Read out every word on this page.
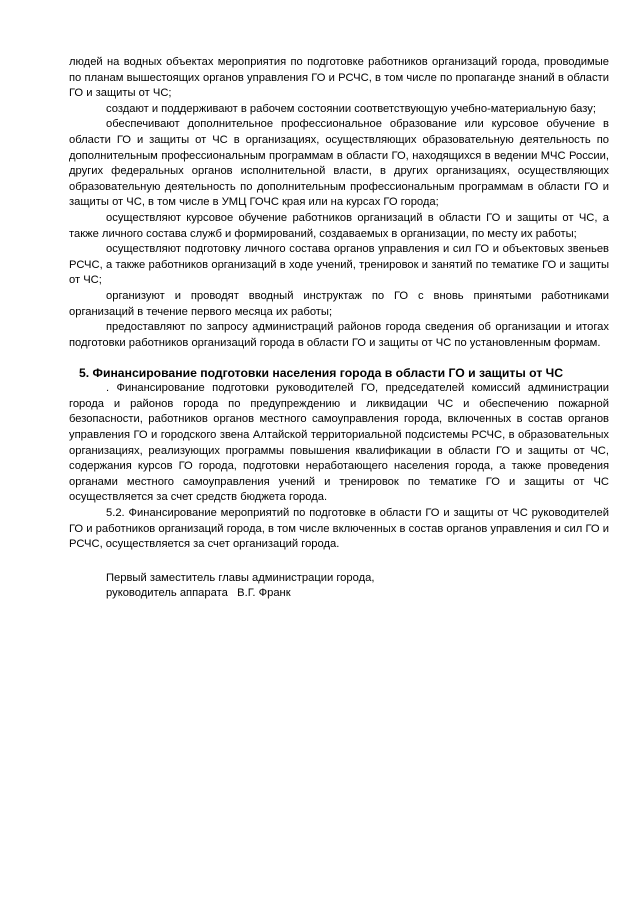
людей на водных объектах мероприятия по подготовке работников организаций города, проводимые по планам вышестоящих органов управления ГО и РСЧС, в том числе по пропаганде знаний в области ГО и защиты от ЧС;

создают и поддерживают в рабочем состоянии соответствующую учебно-материальную базу;

обеспечивают дополнительное профессиональное образование или курсовое обучение в области ГО и защиты от ЧС в организациях, осуществляющих образовательную деятельность по дополнительным профессиональным программам в области ГО, находящихся в ведении МЧС России, других федеральных органов исполнительной власти, в других организациях, осуществляющих образовательную деятельность по дополнительным профессиональным программам в области ГО и защиты от ЧС, в том числе в УМЦ ГОЧС края или на курсах ГО города;

осуществляют курсовое обучение работников организаций в области ГО и защиты от ЧС, а также личного состава служб и формирований, создаваемых в организации, по месту их работы;

осуществляют подготовку личного состава органов управления и сил ГО и объектовых звеньев РСЧС, а также работников организаций в ходе учений, тренировок и занятий по тематике ГО и защиты от ЧС;

организуют и проводят вводный инструктаж по ГО с вновь принятыми работниками организаций в течение первого месяца их работы;

предоставляют по запросу администраций районов города сведения об организации и итогах подготовки работников организаций города в области ГО и защиты от ЧС по установленным формам.

5. Финансирование подготовки населения города в области ГО и защиты от ЧС

. Финансирование подготовки руководителей ГО, председателей комиссий администрации города и районов города по предупреждению и ликвидации ЧС и обеспечению пожарной безопасности, работников органов местного самоуправления города, включенных в состав органов управления ГО и городского звена Алтайской территориальной подсистемы РСЧС, в образовательных организациях, реализующих программы повышения квалификации в области ГО и защиты от ЧС, содержания курсов ГО города, подготовки неработающего населения города, а также проведения органами местного самоуправления учений и тренировок по тематике ГО и защиты от ЧС осуществляется за счет средств бюджета города.

5.2. Финансирование мероприятий по подготовке в области ГО и защиты от ЧС руководителей ГО и работников организаций города, в том числе включенных в состав органов управления и сил ГО и РСЧС, осуществляется за счет организаций города.

Первый заместитель главы администрации города,
руководитель аппарата   В.Г. Франк
